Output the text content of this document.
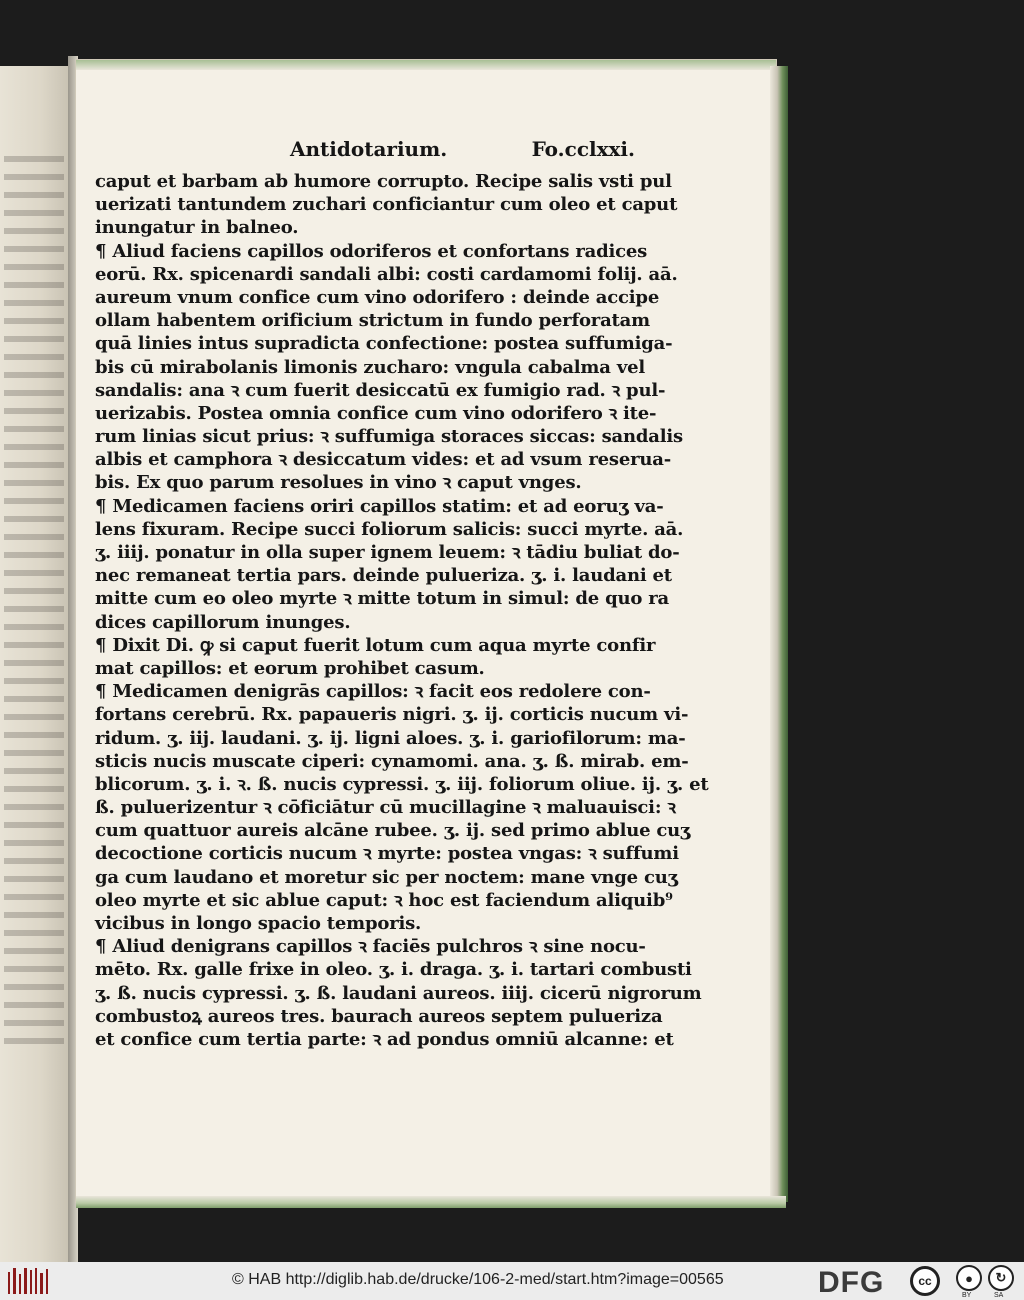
Antidotarium.	Fo.cclxxi.
caput et barbam ab humore corrupto. Recipe salis vsti pul
uerizati tantundem zuchari conficiantur cum oleo et caput
inungatur in balneo.
¶ Aliud faciens capillos odoriferos et confortans radices
eorū. Rx. spicenardi sandali albi: costi cardamomi folij. aā.
aureum vnum confice cum vino odorifero : deinde accipe
ollam habentem orificium strictum in fundo perforatam
quā linies intus supradicta confectione: postea suffumiga-
bis cū mirabolanis limonis zucharo: vngula cabalma vel
sandalis: ana ꝛ cum fuerit desiccatū ex fumigio rad. ꝛ pul-
uerizabis. Postea omnia confice cum vino odorifero ꝛ ite-
rum linias sicut prius: ꝛ suffumiga storaces siccas: sandalis
albis et camphora ꝛ desiccatum vides: et ad vsum reserua-
bis. Ex quo parum resolues in vino ꝛ caput vnges.
¶ Medicamen faciens oriri capillos statim: et ad eoruʒ va-
lens fixuram. Recipe succi foliorum salicis: succi myrte. aā.
ʒ. iiij. ponatur in olla super ignem leuem: ꝛ tādiu buliat do-
nec remaneat tertia pars. deinde pulueriza. ʒ. i. laudani et
mitte cum eo oleo myrte ꝛ mitte totum in simul: de quo ra
dices capillorum inunges.
¶ Dixit Di. ꝙ si caput fuerit lotum cum aqua myrte confir
mat capillos: et eorum prohibet casum.
¶ Medicamen denigrās capillos: ꝛ facit eos redolere con-
fortans cerebrū. Rx. papaueris nigri. ʒ. ij. corticis nucum vi-
ridum. ʒ. iij. laudani. ʒ. ij. ligni aloes. ʒ. i. gariofilorum: ma-
sticis nucis muscate ciperi: cynamomi. ana. ʒ. ß. mirab. em-
blicorum. ʒ. i. ꝛ. ß. nucis cypressi. ʒ. iij. foliorum oliue. ij. ʒ. et
ß. puluerizentur ꝛ cōficiātur cū mucillagine ꝛ maluauisci: ꝛ
cum quattuor aureis alcāne rubee. ʒ. ij. sed primo ablue cuʒ
decoctione corticis nucum ꝛ myrte: postea vngas: ꝛ suffumi
ga cum laudano et moretur sic per noctem: mane vnge cuʒ
oleo myrte et sic ablue caput: ꝛ hoc est faciendum aliquib⁹
vicibus in longo spacio temporis.
¶ Aliud denigrans capillos ꝛ faciēs pulchros ꝛ sine nocu-
mēto. Rx. galle frixe in oleo. ʒ. i. draga. ʒ. i. tartari combusti
ʒ. ß. nucis cypressi. ʒ. ß. laudani aureos. iiij. cicerū nigrorum
combustoꝝ aureos tres. baurach aureos septem pulueriza
et confice cum tertia parte: ꝛ ad pondus omniū alcanne: et
© HAB http://diglib.hab.de/drucke/106-2-med/start.htm?image=00565	DFG	cc	●	↻
BY	SA
